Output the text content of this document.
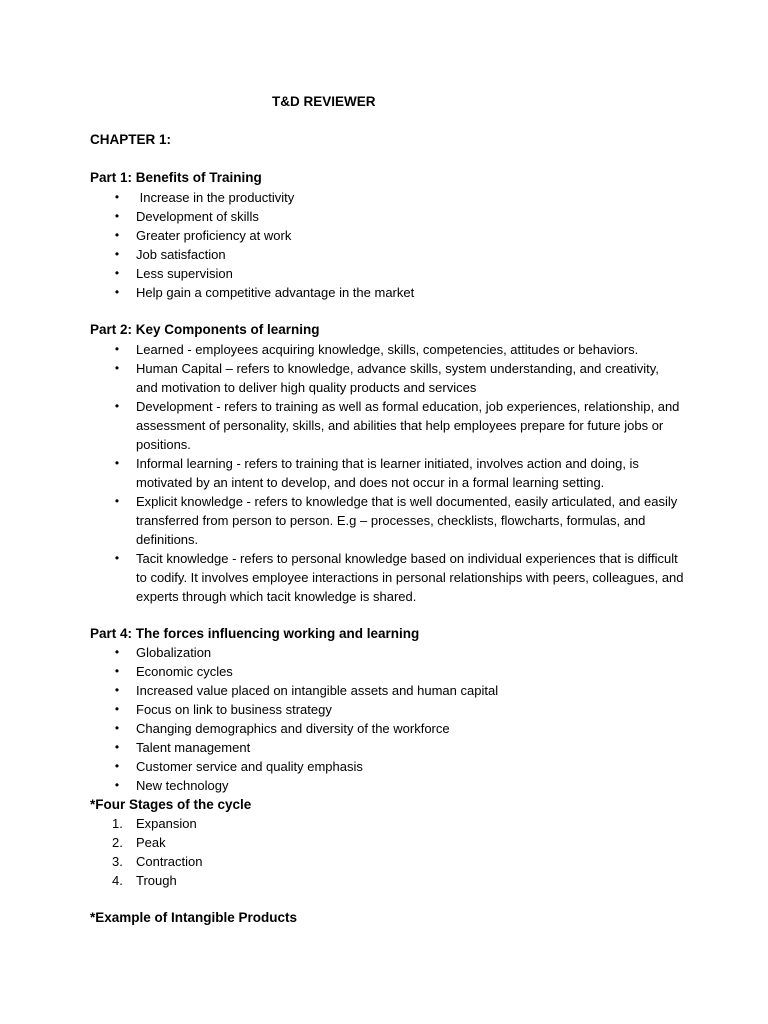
T&D REVIEWER
CHAPTER 1:
Part 1: Benefits of Training
•	Increase in the productivity
•	Development of skills
•	Greater proficiency at work
•	Job satisfaction
•	Less supervision
•	Help gain a competitive advantage in the market
Part 2: Key Components of learning
•	Learned - employees acquiring knowledge, skills, competencies, attitudes or behaviors.
•	Human Capital – refers to knowledge, advance skills, system understanding, and creativity, and motivation to deliver high quality products and services
•	Development - refers to training as well as formal education, job experiences, relationship, and assessment of personality, skills, and abilities that help employees prepare for future jobs or positions.
•	Informal learning - refers to training that is learner initiated, involves action and doing, is motivated by an intent to develop, and does not occur in a formal learning setting.
•	Explicit knowledge - refers to knowledge that is well documented, easily articulated, and easily transferred from person to person. E.g – processes, checklists, flowcharts, formulas, and definitions.
•	Tacit knowledge - refers to personal knowledge based on individual experiences that is difficult to codify. It involves employee interactions in personal relationships with peers, colleagues, and experts through which tacit knowledge is shared.
Part 4: The forces influencing working and learning
•	Globalization
•	Economic cycles
•	Increased value placed on intangible assets and human capital
•	Focus on link to business strategy
•	Changing demographics and diversity of the workforce
•	Talent management
•	Customer service and quality emphasis
•	New technology
*Four Stages of the cycle
1. Expansion
2. Peak
3. Contraction
4. Trough
*Example of Intangible Products
